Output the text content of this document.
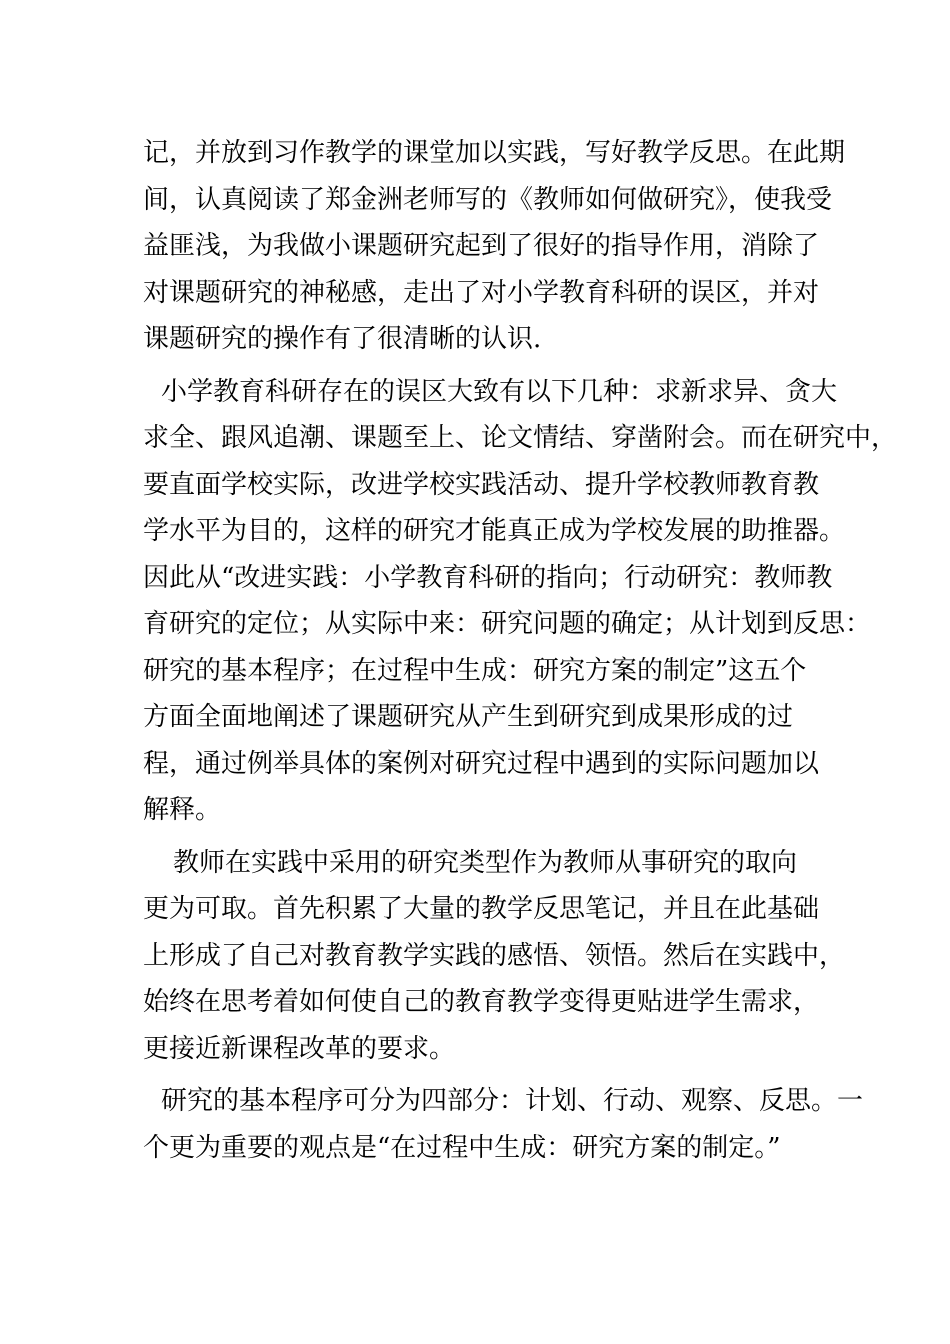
记，并放到习作教学的课堂加以实践，写好教学反思。在此期
间，认真阅读了郑金洲老师写的《教师如何做研究》，使我受
益匪浅，为我做小课题研究起到了很好的指导作用，消除了
对课题研究的神秘感，走出了对小学教育科研的误区，并对
课题研究的操作有了很清晰的认识.
小学教育科研存在的误区大致有以下几种：求新求异、贪大
求全、跟风追潮、课题至上、论文情结、穿凿附会。而在研究中，
要直面学校实际，改进学校实践活动、提升学校教师教育教
学水平为目的，这样的研究才能真正成为学校发展的助推器。
因此从“改进实践：小学教育科研的指向；行动研究：教师教
育研究的定位；从实际中来：研究问题的确定；从计划到反思：
研究的基本程序；在过程中生成：研究方案的制定”这五个
方面全面地阐述了课题研究从产生到研究到成果形成的过
程，通过例举具体的案例对研究过程中遇到的实际问题加以
解释。
教师在实践中采用的研究类型作为教师从事研究的取向
更为可取。首先积累了大量的教学反思笔记，并且在此基础
上形成了自己对教育教学实践的感悟、领悟。然后在实践中，
始终在思考着如何使自己的教育教学变得更贴进学生需求，
更接近新课程改革的要求。
研究的基本程序可分为四部分：计划、行动、观察、反思。一
个更为重要的观点是“在过程中生成：研究方案的制定。”
